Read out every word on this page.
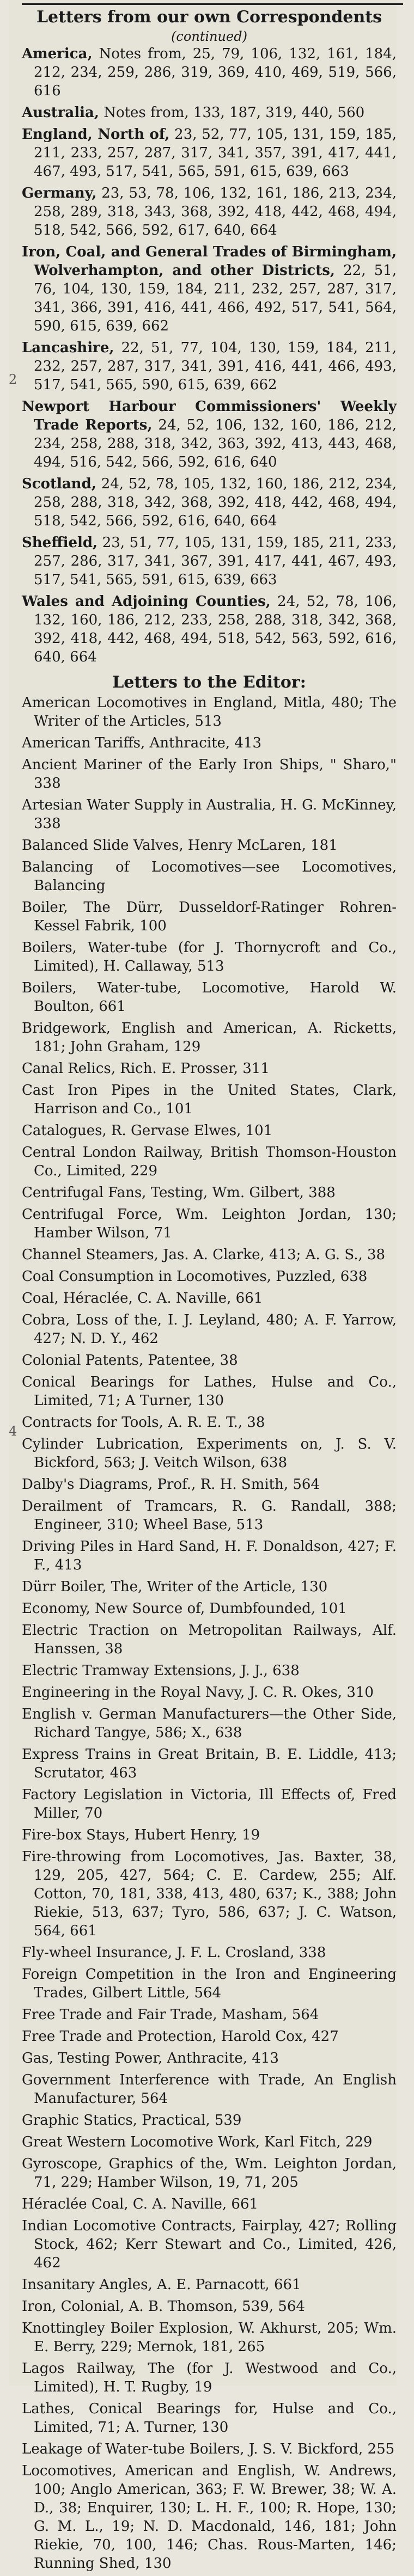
2
4
Letters from our own Correspondents
(continued)

America, Notes from, 25, 79, 106, 132, 161, 184, 212, 234, 259, 286, 319, 369, 410, 469, 519, 566, 616

Australia, Notes from, 133, 187, 319, 440, 560

England, North of, 23, 52, 77, 105, 131, 159, 185, 211, 233, 257, 287, 317, 341, 357, 391, 417, 441, 467, 493, 517, 541, 565, 591, 615, 639, 663

Germany, 23, 53, 78, 106, 132, 161, 186, 213, 234, 258, 289, 318, 343, 368, 392, 418, 442, 468, 494, 518, 542, 566, 592, 617, 640, 664

Iron, Coal, and General Trades of Birmingham, Wolverhampton, and other Districts, 22, 51, 76, 104, 130, 159, 184, 211, 232, 257, 287, 317, 341, 366, 391, 416, 441, 466, 492, 517, 541, 564, 590, 615, 639, 662

Lancashire, 22, 51, 77, 104, 130, 159, 184, 211, 232, 257, 287, 317, 341, 391, 416, 441, 466, 493, 517, 541, 565, 590, 615, 639, 662

Newport Harbour Commissioners' Weekly Trade Reports, 24, 52, 106, 132, 160, 186, 212, 234, 258, 288, 318, 342, 363, 392, 413, 443, 468, 494, 516, 542, 566, 592, 616, 640

Scotland, 24, 52, 78, 105, 132, 160, 186, 212, 234, 258, 288, 318, 342, 368, 392, 418, 442, 468, 494, 518, 542, 566, 592, 616, 640, 664

Sheffield, 23, 51, 77, 105, 131, 159, 185, 211, 233, 257, 286, 317, 341, 367, 391, 417, 441, 467, 493, 517, 541, 565, 591, 615, 639, 663

Wales and Adjoining Counties, 24, 52, 78, 106, 132, 160, 186, 212, 233, 258, 288, 318, 342, 368, 392, 418, 442, 468, 494, 518, 542, 563, 592, 616, 640, 664

Letters to the Editor:

American Locomotives in England, Mitla, 480; The Writer of the Articles, 513

American Tariffs, Anthracite, 413

Ancient Mariner of the Early Iron Ships, " Sharo," 338

Artesian Water Supply in Australia, H. G. McKinney, 338

Balanced Slide Valves, Henry McLaren, 181

Balancing of Locomotives—see Locomotives, Balancing

Boiler, The Dürr, Dusseldorf-Ratinger Rohren-Kessel Fabrik, 100

Boilers, Water-tube (for J. Thornycroft and Co., Limited), H. Callaway, 513

Boilers, Water-tube, Locomotive, Harold W. Boulton, 661

Bridgework, English and American, A. Ricketts, 181; John Graham, 129

Canal Relics, Rich. E. Prosser, 311

Cast Iron Pipes in the United States, Clark, Harrison and Co., 101

Catalogues, R. Gervase Elwes, 101

Central London Railway, British Thomson-Houston Co., Limited, 229

Centrifugal Fans, Testing, Wm. Gilbert, 388

Centrifugal Force, Wm. Leighton Jordan, 130; Hamber Wilson, 71

Channel Steamers, Jas. A. Clarke, 413; A. G. S., 38

Coal Consumption in Locomotives, Puzzled, 638

Coal, Héraclée, C. A. Naville, 661

Cobra, Loss of the, I. J. Leyland, 480; A. F. Yarrow, 427; N. D. Y., 462

Colonial Patents, Patentee, 38

Conical Bearings for Lathes, Hulse and Co., Limited, 71; A Turner, 130

Contracts for Tools, A. R. E. T., 38

Cylinder Lubrication, Experiments on, J. S. V. Bickford, 563; J. Veitch Wilson, 638

Dalby's Diagrams, Prof., R. H. Smith, 564

Derailment of Tramcars, R. G. Randall, 388; Engineer, 310; Wheel Base, 513

Driving Piles in Hard Sand, H. F. Donaldson, 427; F. F., 413

Dürr Boiler, The, Writer of the Article, 130

Economy, New Source of, Dumbfounded, 101

Electric Traction on Metropolitan Railways, Alf. Hanssen, 38

Electric Tramway Extensions, J. J., 638

Engineering in the Royal Navy, J. C. R. Okes, 310

English v. German Manufacturers—the Other Side, Richard Tangye, 586; X., 638

Express Trains in Great Britain, B. E. Liddle, 413; Scrutator, 463

Factory Legislation in Victoria, Ill Effects of, Fred Miller, 70

Fire-box Stays, Hubert Henry, 19

Fire-throwing from Locomotives, Jas. Baxter, 38, 129, 205, 427, 564; C. E. Cardew, 255; Alf. Cotton, 70, 181, 338, 413, 480, 637; K., 388; John Riekie, 513, 637; Tyro, 586, 637; J. C. Watson, 564, 661

Fly-wheel Insurance, J. F. L. Crosland, 338

Foreign Competition in the Iron and Engineering Trades, Gilbert Little, 564

Free Trade and Fair Trade, Masham, 564

Free Trade and Protection, Harold Cox, 427

Gas, Testing Power, Anthracite, 413

Government Interference with Trade, An English Manufacturer, 564

Graphic Statics, Practical, 539

Great Western Locomotive Work, Karl Fitch, 229

Gyroscope, Graphics of the, Wm. Leighton Jordan, 71, 229; Hamber Wilson, 19, 71, 205

Héraclée Coal, C. A. Naville, 661

Indian Locomotive Contracts, Fairplay, 427; Rolling Stock, 462; Kerr Stewart and Co., Limited, 426, 462

Insanitary Angles, A. E. Parnacott, 661

Iron, Colonial, A. B. Thomson, 539, 564

Knottingley Boiler Explosion, W. Akhurst, 205; Wm. E. Berry, 229; Mernok, 181, 265

Lagos Railway, The (for J. Westwood and Co., Limited), H. T. Rugby, 19

Lathes, Conical Bearings for, Hulse and Co., Limited, 71; A. Turner, 130

Leakage of Water-tube Boilers, J. S. V. Bickford, 255

Locomotives, American and English, W. Andrews, 100; Anglo American, 363; F. W. Brewer, 38; W. A. D., 38; Enquirer, 130; L. H. F., 100; R. Hope, 130; G. M. L., 19; N. D. Macdonald, 146, 181; John Riekie, 70, 100, 146; Chas. Rous-Marten, 146; Running Shed, 130
